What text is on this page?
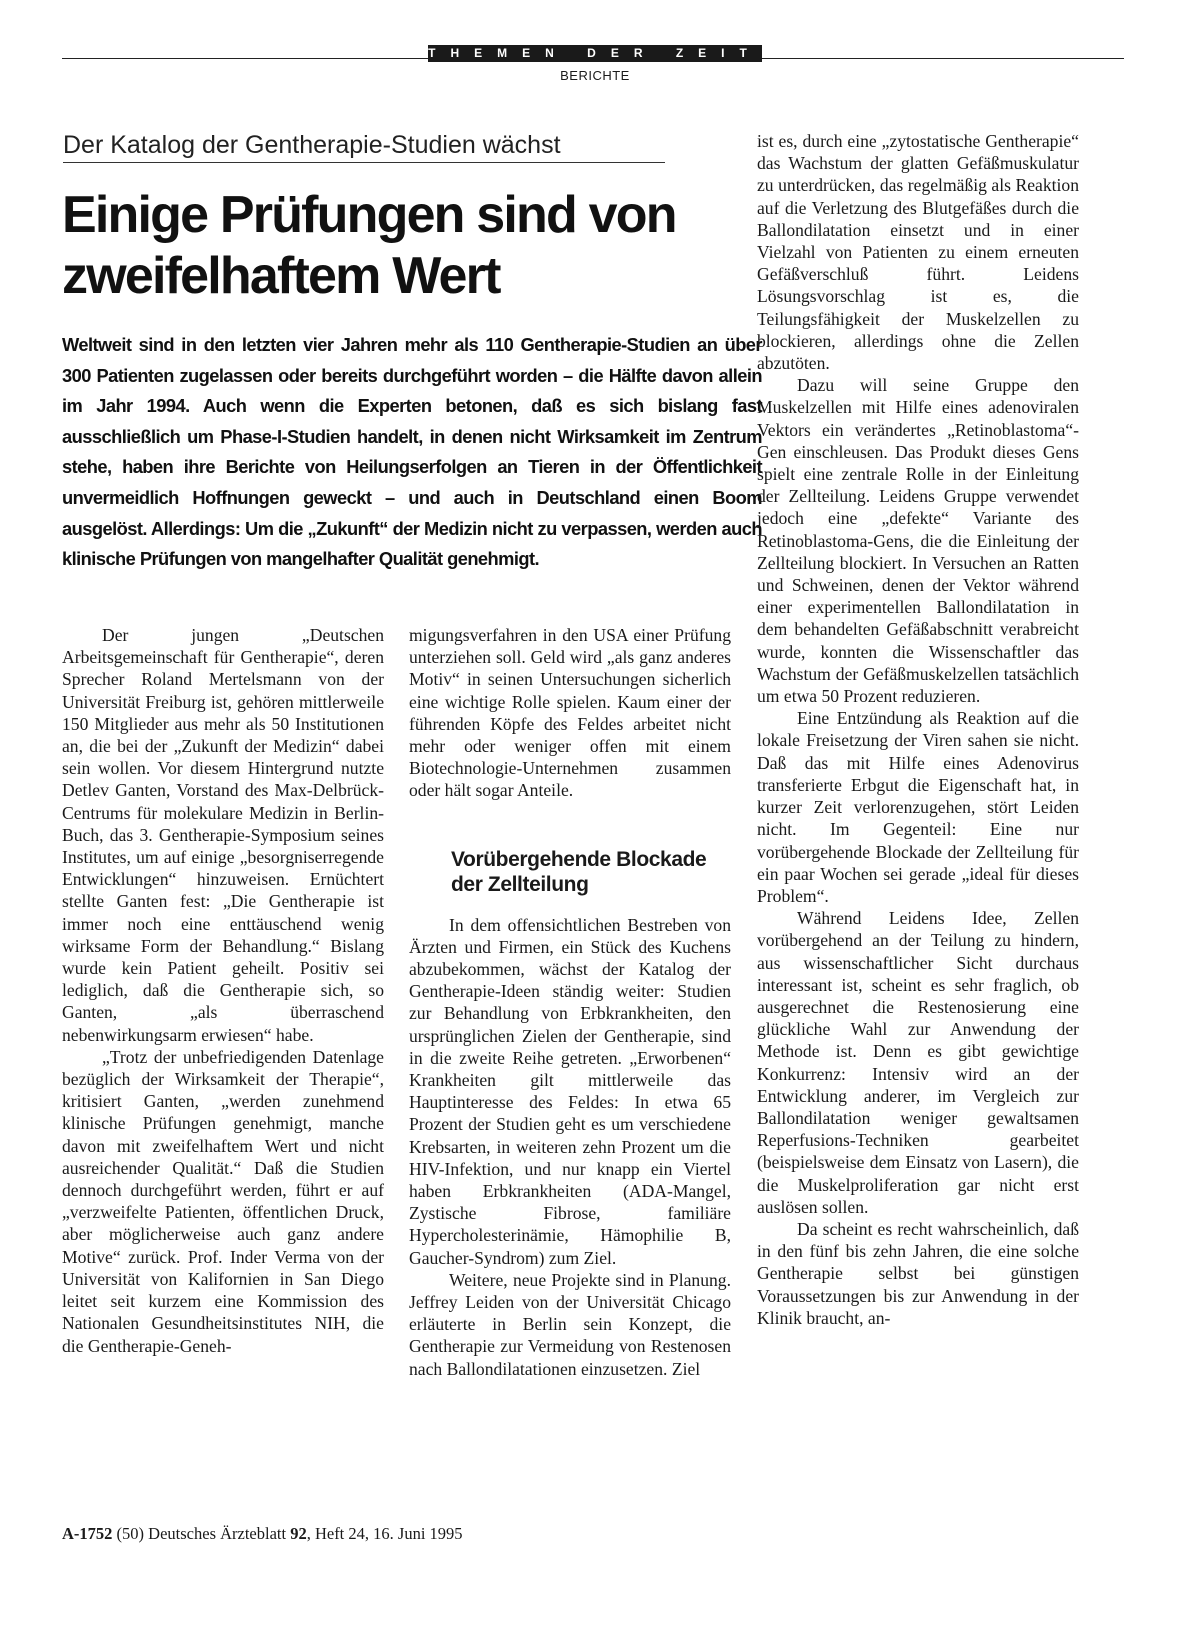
THEMEN DER ZEIT
BERICHTE
Der Katalog der Gentherapie-Studien wächst
Einige Prüfungen sind von zweifelhaftem Wert
Weltweit sind in den letzten vier Jahren mehr als 110 Gentherapie-Studien an über 300 Patienten zugelassen oder bereits durchgeführt worden – die Hälfte davon allein im Jahr 1994. Auch wenn die Experten betonen, daß es sich bislang fast ausschließlich um Phase-I-Studien handelt, in denen nicht Wirksamkeit im Zentrum stehe, haben ihre Berichte von Heilungserfolgen an Tieren in der Öffentlichkeit unvermeidlich Hoffnungen geweckt – und auch in Deutschland einen Boom ausgelöst. Allerdings: Um die „Zukunft“ der Medizin nicht zu verpassen, werden auch klinische Prüfungen von mangelhafter Qualität genehmigt.

Der jungen „Deutschen Arbeitsgemeinschaft für Gentherapie“, deren Sprecher Roland Mertelsmann von der Universität Freiburg ist, gehören mittlerweile 150 Mitglieder aus mehr als 50 Institutionen an, die bei der „Zukunft der Medizin“ dabei sein wollen. Vor diesem Hintergrund nutzte Detlev Ganten, Vorstand des Max-Delbrück-Centrums für molekulare Medizin in Berlin-Buch, das 3. Gentherapie-Symposium seines Institutes, um auf einige „besorgniserregende Entwicklungen“ hinzuweisen. Ernüchtert stellte Ganten fest: „Die Gentherapie ist immer noch eine enttäuschend wenig wirksame Form der Behandlung.“ Bislang wurde kein Patient geheilt. Positiv sei lediglich, daß die Gentherapie sich, so Ganten, „als überraschend nebenwirkungsarm erwiesen“ habe.

„Trotz der unbefriedigenden Datenlage bezüglich der Wirksamkeit der Therapie“, kritisiert Ganten, „werden zunehmend klinische Prüfungen genehmigt, manche davon mit zweifelhaftem Wert und nicht ausreichender Qualität.“ Daß die Studien dennoch durchgeführt werden, führt er auf „verzweifelte Patienten, öffentlichen Druck, aber möglicherweise auch ganz andere Motive“ zurück. Prof. Inder Verma von der Universität von Kalifornien in San Diego leitet seit kurzem eine Kommission des Nationalen Gesundheitsinstitutes NIH, die die Gentherapie-Geneh-

migungsverfahren in den USA einer Prüfung unterziehen soll. Geld wird „als ganz anderes Motiv“ in seinen Untersuchungen sicherlich eine wichtige Rolle spielen. Kaum einer der führenden Köpfe des Feldes arbeitet nicht mehr oder weniger offen mit einem Biotechnologie-Unternehmen zusammen oder hält sogar Anteile.

Vorübergehende Blockade der Zellteilung

In dem offensichtlichen Bestreben von Ärzten und Firmen, ein Stück des Kuchens abzubekommen, wächst der Katalog der Gentherapie-Ideen ständig weiter: Studien zur Behandlung von Erbkrankheiten, den ursprünglichen Zielen der Gentherapie, sind in die zweite Reihe getreten. „Erworbenen“ Krankheiten gilt mittlerweile das Hauptinteresse des Feldes: In etwa 65 Prozent der Studien geht es um verschiedene Krebsarten, in weiteren zehn Prozent um die HIV-Infektion, und nur knapp ein Viertel haben Erbkrankheiten (ADA-Mangel, Zystische Fibrose, familiäre Hypercholesterinämie, Hämophilie B, Gaucher-Syndrom) zum Ziel.

Weitere, neue Projekte sind in Planung. Jeffrey Leiden von der Universität Chicago erläuterte in Berlin sein Konzept, die Gentherapie zur Vermeidung von Restenosen nach Ballondilatationen einzusetzen. Ziel

ist es, durch eine „zytostatische Gentherapie“ das Wachstum der glatten Gefäßmuskulatur zu unterdrücken, das regelmäßig als Reaktion auf die Verletzung des Blutgefäßes durch die Ballondilatation einsetzt und in einer Vielzahl von Patienten zu einem erneuten Gefäßverschluß führt. Leidens Lösungsvorschlag ist es, die Teilungsfähigkeit der Muskelzellen zu blockieren, allerdings ohne die Zellen abzutöten.

Dazu will seine Gruppe den Muskelzellen mit Hilfe eines adenoviralen Vektors ein verändertes „Retinoblastoma“-Gen einschleusen. Das Produkt dieses Gens spielt eine zentrale Rolle in der Einleitung der Zellteilung. Leidens Gruppe verwendet jedoch eine „defekte“ Variante des Retinoblastoma-Gens, die die Einleitung der Zellteilung blockiert. In Versuchen an Ratten und Schweinen, denen der Vektor während einer experimentellen Ballondilatation in dem behandelten Gefäßabschnitt verabreicht wurde, konnten die Wissenschaftler das Wachstum der Gefäßmuskelzellen tatsächlich um etwa 50 Prozent reduzieren.

Eine Entzündung als Reaktion auf die lokale Freisetzung der Viren sahen sie nicht. Daß das mit Hilfe eines Adenovirus transferierte Erbgut die Eigenschaft hat, in kurzer Zeit verlorenzugehen, stört Leiden nicht. Im Gegenteil: Eine nur vorübergehende Blockade der Zellteilung für ein paar Wochen sei gerade „ideal für dieses Problem“.

Während Leidens Idee, Zellen vorübergehend an der Teilung zu hindern, aus wissenschaftlicher Sicht durchaus interessant ist, scheint es sehr fraglich, ob ausgerechnet die Restenosierung eine glückliche Wahl zur Anwendung der Methode ist. Denn es gibt gewichtige Konkurrenz: Intensiv wird an der Entwicklung anderer, im Vergleich zur Ballondilatation weniger gewaltsamen Reperfusions-Techniken gearbeitet (beispielsweise dem Einsatz von Lasern), die die Muskelproliferation gar nicht erst auslösen sollen.

Da scheint es recht wahrscheinlich, daß in den fünf bis zehn Jahren, die eine solche Gentherapie selbst bei günstigen Voraussetzungen bis zur Anwendung in der Klinik braucht, an-

A-1752 (50) Deutsches Ärzteblatt 92, Heft 24, 16. Juni 1995
